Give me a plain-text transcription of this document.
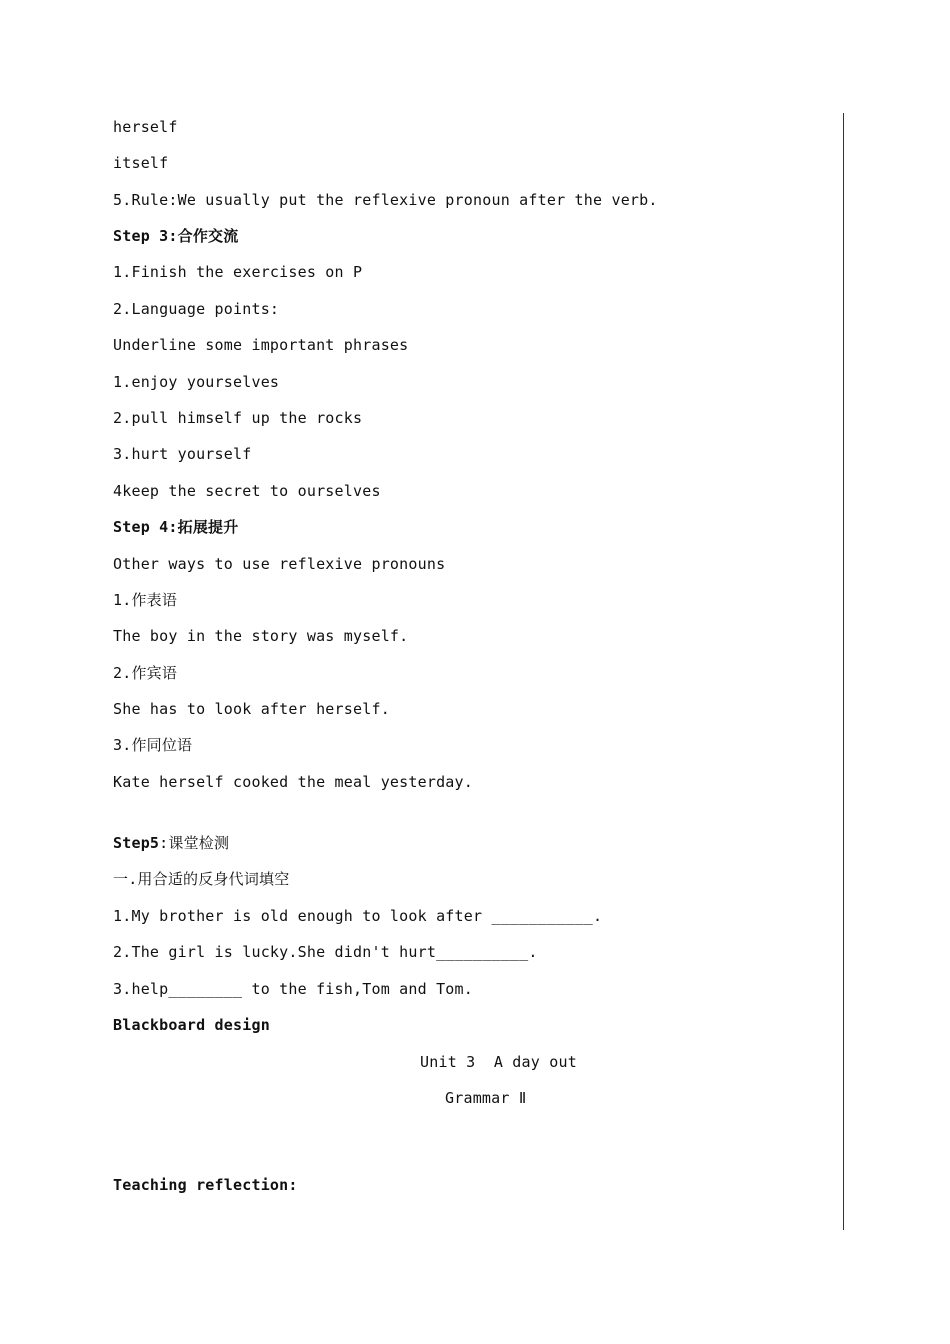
herself
itself
5.Rule:We usually put the reflexive pronoun after the verb.
Step 3:合作交流
1.Finish the exercises on P
2.Language points:
Underline some important phrases
1.enjoy yourselves
2.pull himself up the rocks
3.hurt yourself
4keep the secret to ourselves
Step 4:拓展提升
Other ways to use reflexive pronouns
1.作表语
The boy in the story was myself.
2.作宾语
She has to look after herself.
3.作同位语
Kate herself cooked the meal yesterday.
Step5:课堂检测
一.用合适的反身代词填空
1.My brother is old enough to look after ___________.
2.The girl is lucky.She didn't hurt__________.
3.help________ to the fish,Tom and Tom.
Blackboard design
Unit 3  A day out
Grammar Ⅱ
Teaching reflection:
